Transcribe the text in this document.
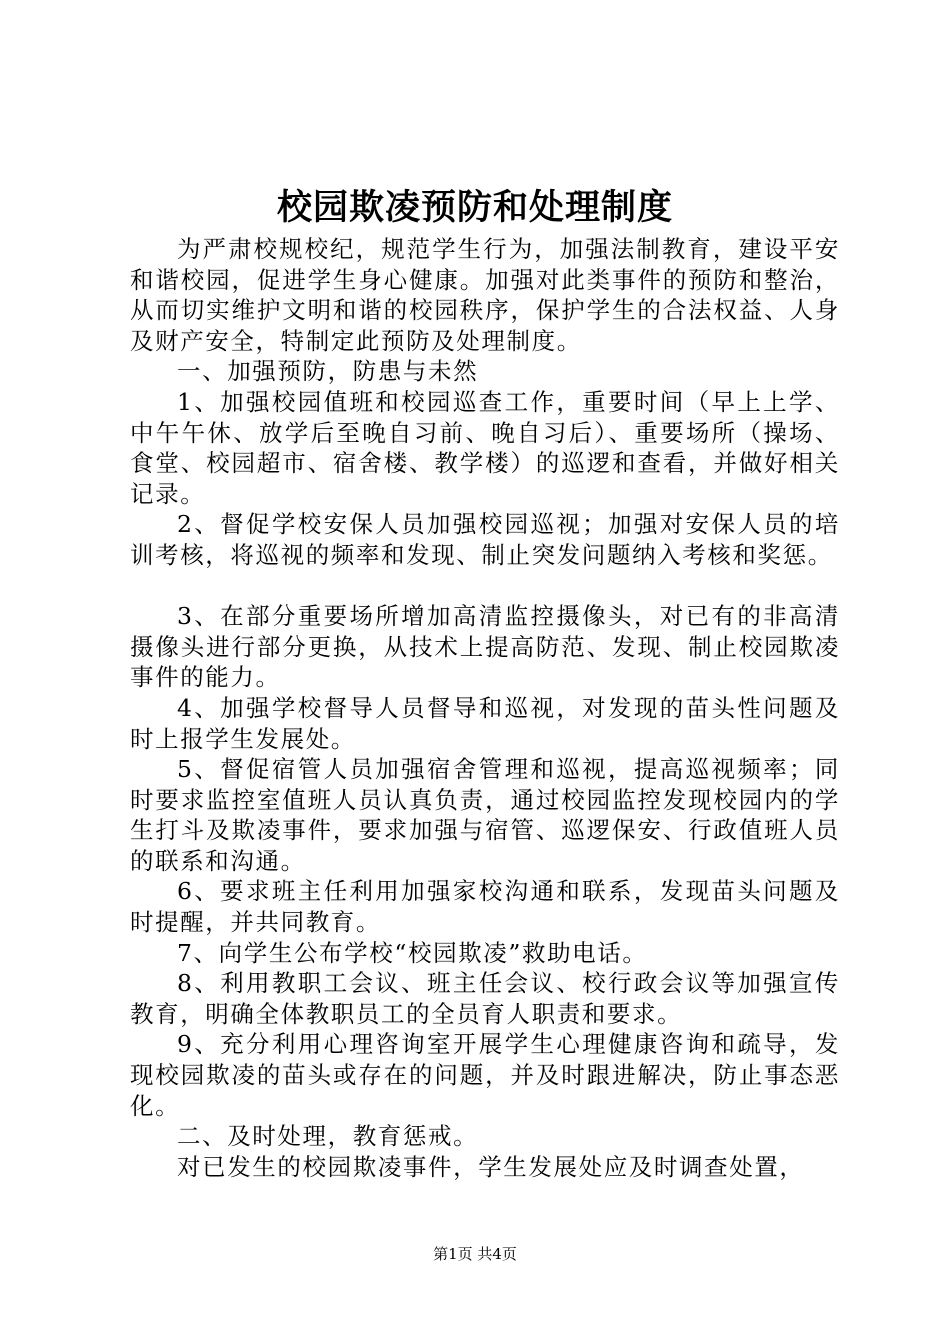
校园欺凌预防和处理制度

为严肃校规校纪，规范学生行为，加强法制教育，建设平安和谐校园，促进学生身心健康。加强对此类事件的预防和整治，从而切实维护文明和谐的校园秩序，保护学生的合法权益、人身及财产安全，特制定此预防及处理制度。

一、加强预防，防患与未然

1、加强校园值班和校园巡查工作，重要时间（早上上学、中午午休、放学后至晚自习前、晚自习后）、重要场所（操场、食堂、校园超市、宿舍楼、教学楼）的巡逻和查看，并做好相关记录。

2、督促学校安保人员加强校园巡视；加强对安保人员的培训考核，将巡视的频率和发现、制止突发问题纳入考核和奖惩。

3、在部分重要场所增加高清监控摄像头，对已有的非高清摄像头进行部分更换，从技术上提高防范、发现、制止校园欺凌事件的能力。

4、加强学校督导人员督导和巡视，对发现的苗头性问题及时上报学生发展处。

5、督促宿管人员加强宿舍管理和巡视，提高巡视频率；同时要求监控室值班人员认真负责，通过校园监控发现校园内的学生打斗及欺凌事件，要求加强与宿管、巡逻保安、行政值班人员的联系和沟通。

6、要求班主任利用加强家校沟通和联系，发现苗头问题及时提醒，并共同教育。

7、向学生公布学校“校园欺凌”救助电话。

8、利用教职工会议、班主任会议、校行政会议等加强宣传教育，明确全体教职员工的全员育人职责和要求。

9、充分利用心理咨询室开展学生心理健康咨询和疏导，发现校园欺凌的苗头或存在的问题，并及时跟进解决，防止事态恶化。

二、及时处理，教育惩戒。

对已发生的校园欺凌事件，学生发展处应及时调查处置，

第1页 共4页
